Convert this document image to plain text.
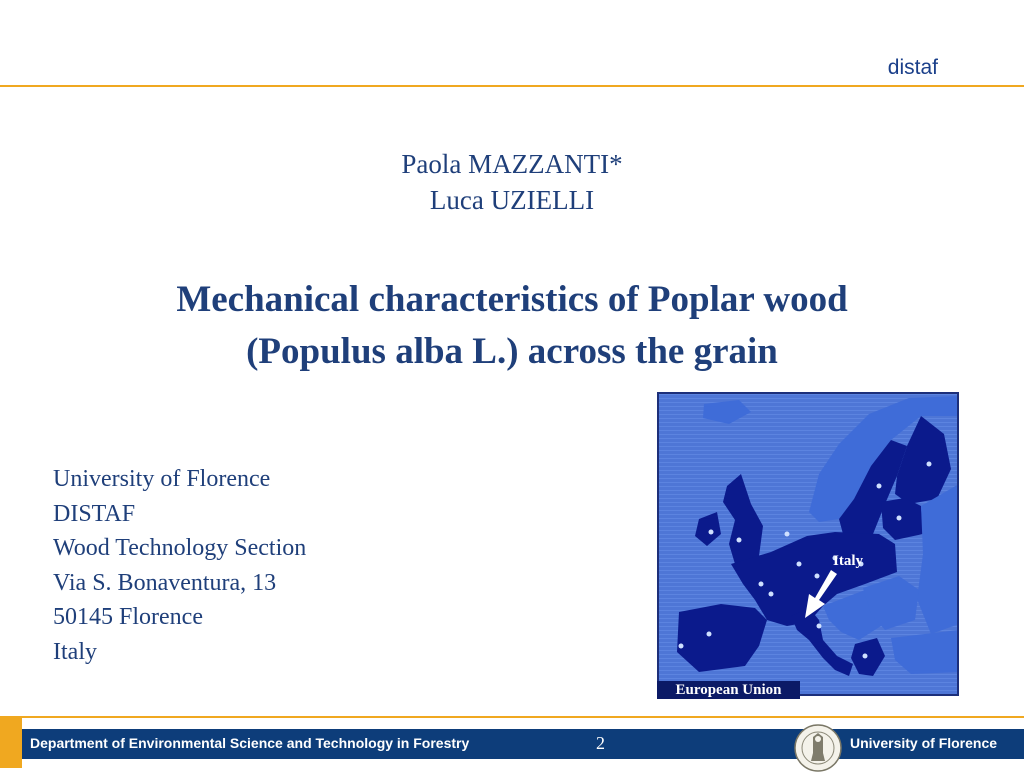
distaf
Paola MAZZANTI*
Luca UZIELLI
Mechanical characteristics of Poplar wood
(Populus alba L.) across the grain
University of Florence
DISTAF
Wood Technology Section
Via S. Bonaventura, 13
50145 Florence
Italy
Italy
European Union
Department of Environmental Science and Technology in Forestry	2	University of Florence
